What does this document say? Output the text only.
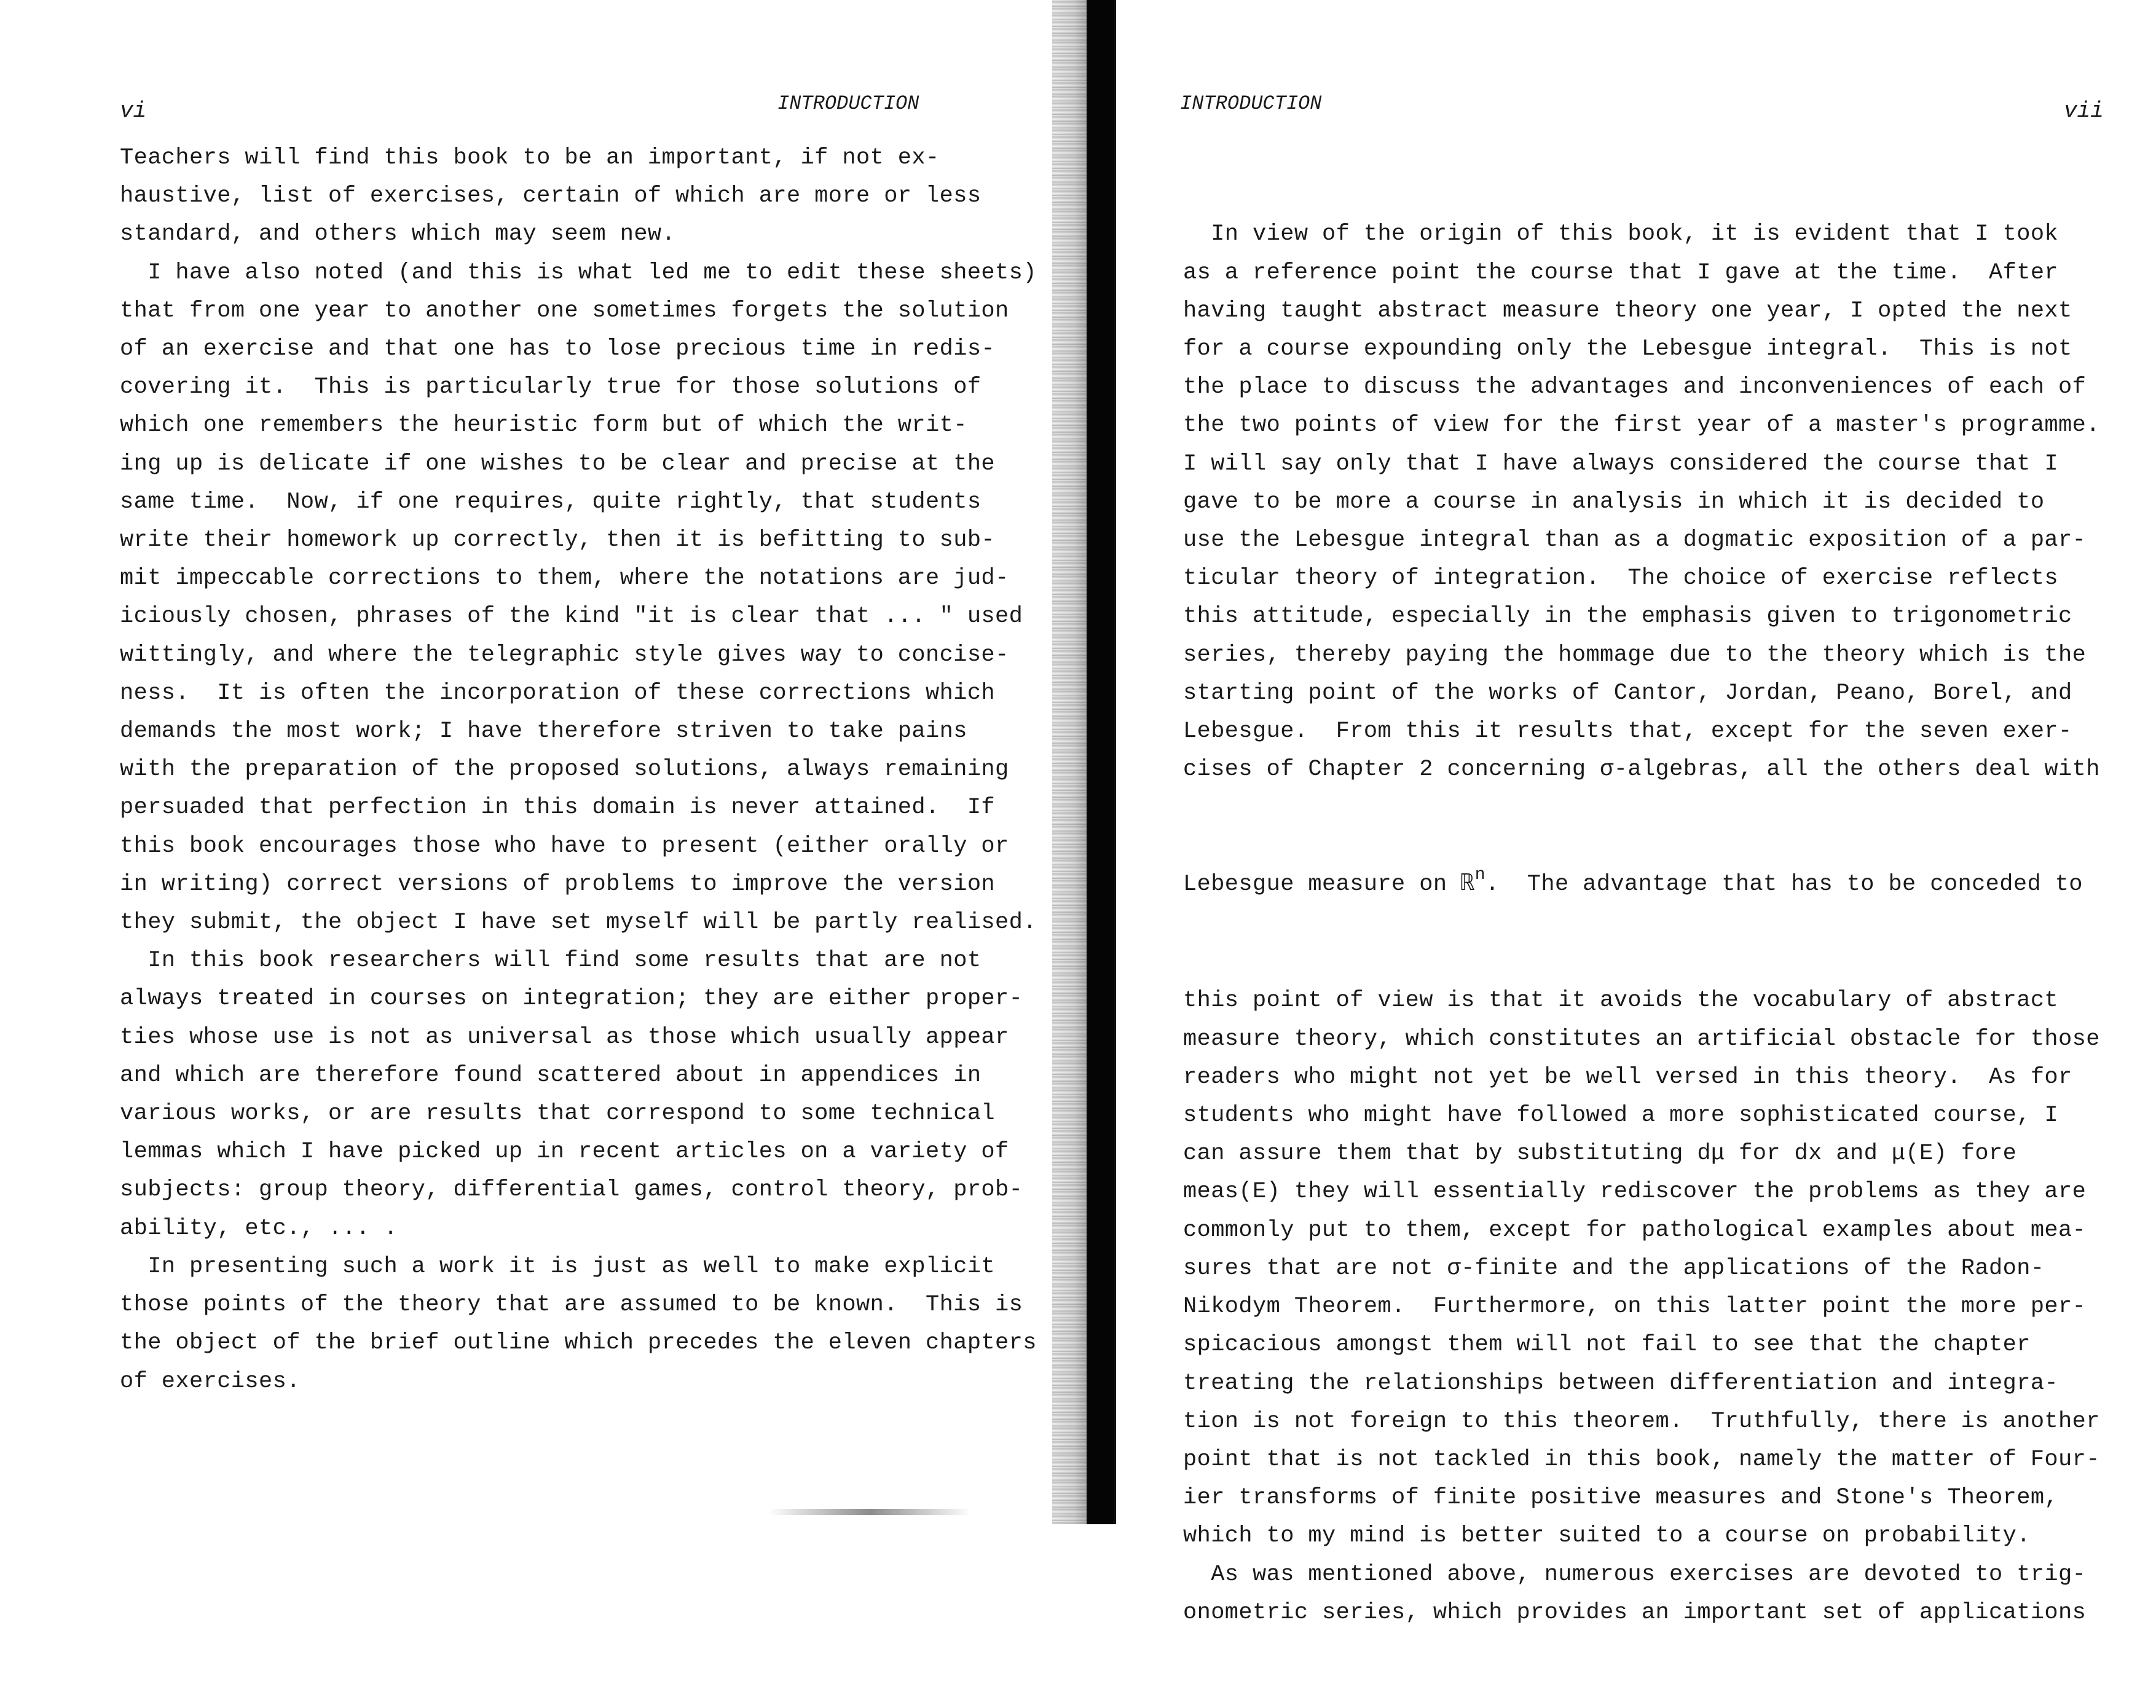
vi	INTRODUCTION
Teachers will find this book to be an important, if not ex-
haustive, list of exercises, certain of which are more or less
standard, and others which may seem new.
I have also noted (and this is what led me to edit these sheets)
that from one year to another one sometimes forgets the solution
of an exercise and that one has to lose precious time in redis-
covering it.  This is particularly true for those solutions of
which one remembers the heuristic form but of which the writ-
ing up is delicate if one wishes to be clear and precise at the
same time.  Now, if one requires, quite rightly, that students
write their homework up correctly, then it is befitting to sub-
mit impeccable corrections to them, where the notations are jud-
iciously chosen, phrases of the kind "it is clear that ... " used
wittingly, and where the telegraphic style gives way to concise-
ness.  It is often the incorporation of these corrections which
demands the most work; I have therefore striven to take pains
with the preparation of the proposed solutions, always remaining
persuaded that perfection in this domain is never attained.  If
this book encourages those who have to present (either orally or
in writing) correct versions of problems to improve the version
they submit, the object I have set myself will be partly realised.
In this book researchers will find some results that are not
always treated in courses on integration; they are either proper-
ties whose use is not as universal as those which usually appear
and which are therefore found scattered about in appendices in
various works, or are results that correspond to some technical
lemmas which I have picked up in recent articles on a variety of
subjects: group theory, differential games, control theory, prob-
ability, etc., ... .
In presenting such a work it is just as well to make explicit
those points of the theory that are assumed to be known.  This is
the object of the brief outline which precedes the eleven chapters
of exercises.
INTRODUCTION	vii

In view of the origin of this book, it is evident that I took
as a reference point the course that I gave at the time.  After
having taught abstract measure theory one year, I opted the next
for a course expounding only the Lebesgue integral.  This is not
the place to discuss the advantages and inconveniences of each of
the two points of view for the first year of a master's programme.
I will say only that I have always considered the course that I
gave to be more a course in analysis in which it is decided to
use the Lebesgue integral than as a dogmatic exposition of a par-
ticular theory of integration.  The choice of exercise reflects
this attitude, especially in the emphasis given to trigonometric
series, thereby paying the hommage due to the theory which is the
starting point of the works of Cantor, Jordan, Peano, Borel, and
Lebesgue.  From this it results that, except for the seven exer-
cises of Chapter 2 concerning σ-algebras, all the others deal with

Lebesgue measure on ℝ$^n$.  The advantage that has to be conceded to

this point of view is that it avoids the vocabulary of abstract
measure theory, which constitutes an artificial obstacle for those
readers who might not yet be well versed in this theory.  As for
students who might have followed a more sophisticated course, I
can assure them that by substituting dμ for dx and μ(E) fore
meas(E) they will essentially rediscover the problems as they are
commonly put to them, except for pathological examples about mea-
sures that are not σ-finite and the applications of the Radon-
Nikodym Theorem.  Furthermore, on this latter point the more per-
spicacious amongst them will not fail to see that the chapter
treating the relationships between differentiation and integra-
tion is not foreign to this theorem.  Truthfully, there is another
point that is not tackled in this book, namely the matter of Four-
ier transforms of finite positive measures and Stone's Theorem,
which to my mind is better suited to a course on probability.
As was mentioned above, numerous exercises are devoted to trig-
onometric series, which provides an important set of applications
